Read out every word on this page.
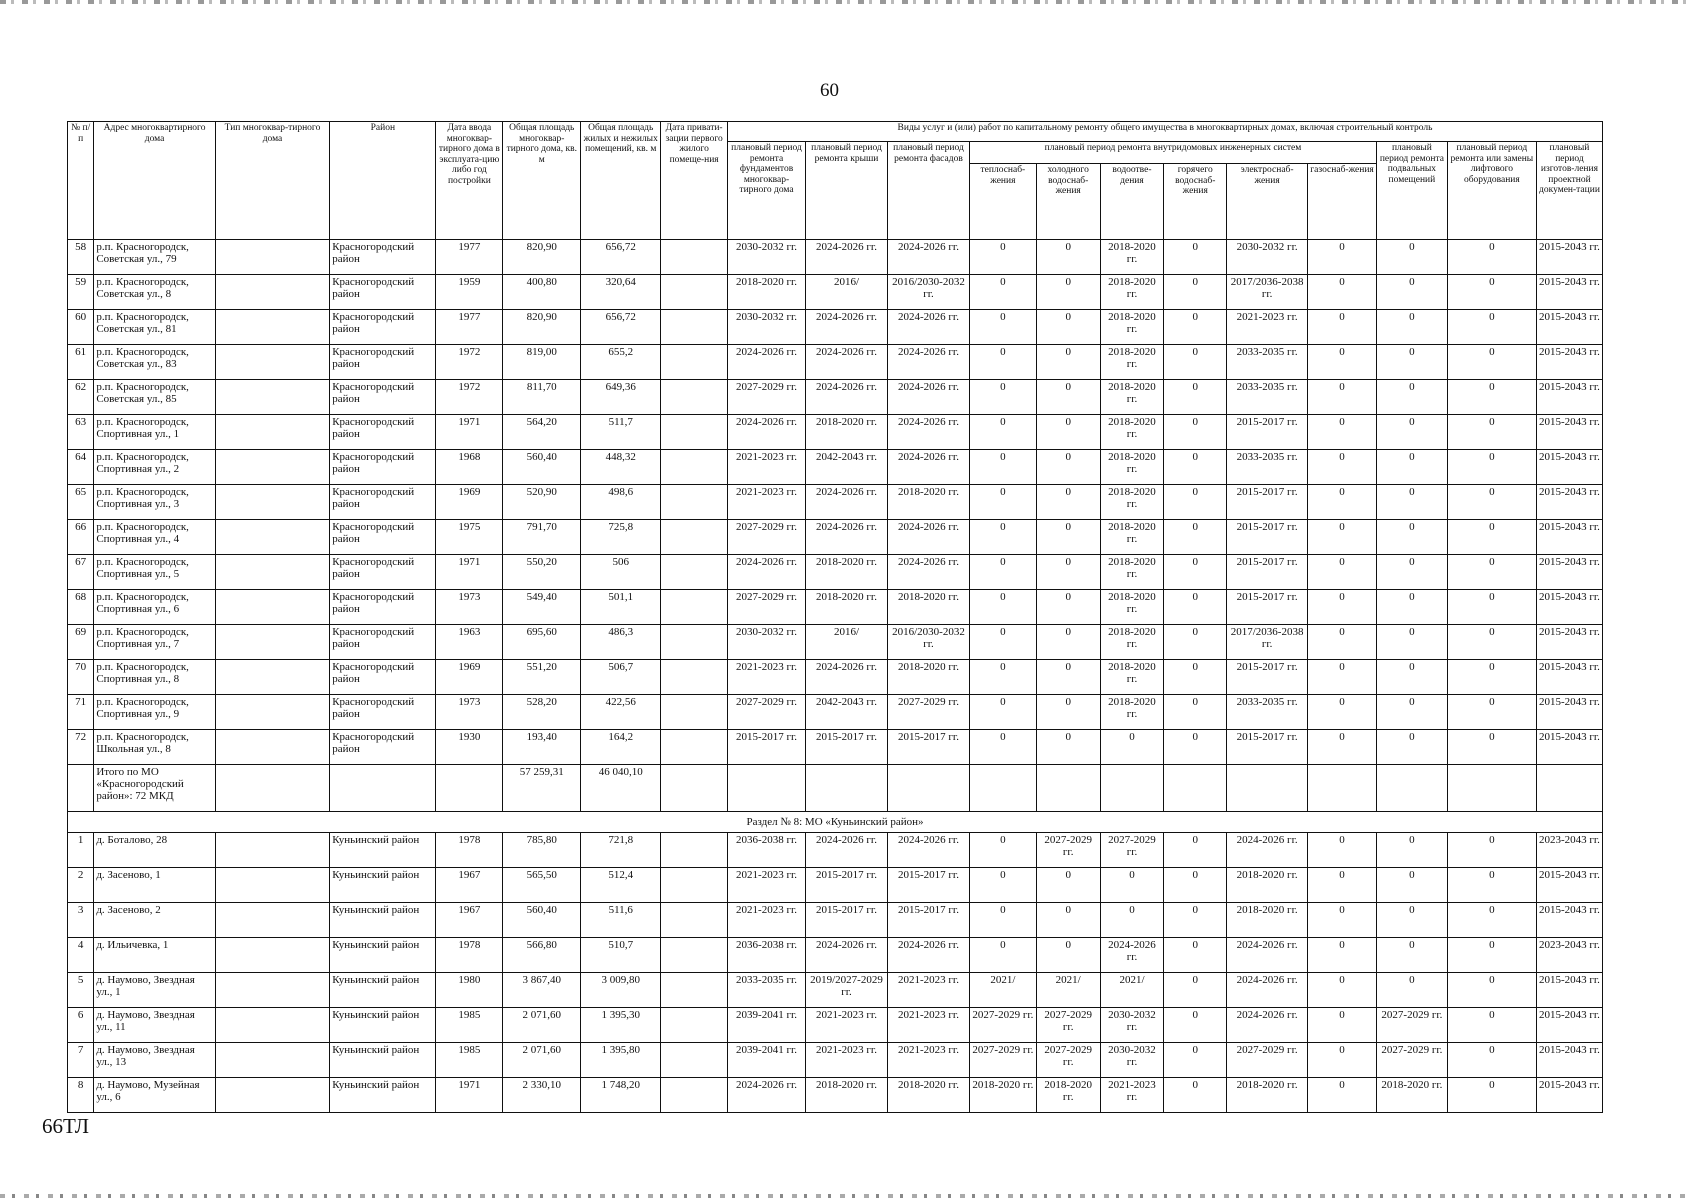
60
№ п/п	Адрес многоквартирного дома	Тип многоквар-тирного дома	Район	Дата ввода многоквар-тирного дома в эксплуата-цию либо год постройки	Общая площадь многоквар-тирного дома, кв. м	Общая площадь жилых и нежилых помещений, кв. м	Дата привати-зации первого жилого помеще-ния	Виды услуг и (или) работ по капитальному ремонту общего имущества в многоквартирных домах, включая строительный контроль											
								плановый период ремонта фундаментов многоквар-тирного дома	плановый период ремонта крыши	плановый период ремонта фасадов	плановый период ремонта внутридомовых инженерных систем						плановый период ремонта подвальных помещений	плановый период ремонта или замены лифтового оборудования	плановый период изготов-ления проектной докумен-тации
											теплоснаб-жения	холодного водоснаб-жения	водоотве-дения	горячего водоснаб-жения	электроснаб-жения	газоснаб-жения			
58	р.п. Красногородск, Советская ул., 79		Красногородский район	1977	820,90	656,72		2030-2032 гг.	2024-2026 гг.	2024-2026 гг.	0	0	2018-2020 гг.	0	2030-2032 гг.	0	0	0	2015-2043 гг.
59	р.п. Красногородск, Советская ул., 8		Красногородский район	1959	400,80	320,64		2018-2020 гг.	2016/	2016/2030-2032 гг.	0	0	2018-2020 гг.	0	2017/2036-2038 гг.	0	0	0	2015-2043 гг.
60	р.п. Красногородск, Советская ул., 81		Красногородский район	1977	820,90	656,72		2030-2032 гг.	2024-2026 гг.	2024-2026 гг.	0	0	2018-2020 гг.	0	2021-2023 гг.	0	0	0	2015-2043 гг.
61	р.п. Красногородск, Советская ул., 83		Красногородский район	1972	819,00	655,2		2024-2026 гг.	2024-2026 гг.	2024-2026 гг.	0	0	2018-2020 гг.	0	2033-2035 гг.	0	0	0	2015-2043 гг.
62	р.п. Красногородск, Советская ул., 85		Красногородский район	1972	811,70	649,36		2027-2029 гг.	2024-2026 гг.	2024-2026 гг.	0	0	2018-2020 гг.	0	2033-2035 гг.	0	0	0	2015-2043 гг.
63	р.п. Красногородск, Спортивная ул., 1		Красногородский район	1971	564,20	511,7		2024-2026 гг.	2018-2020 гг.	2024-2026 гг.	0	0	2018-2020 гг.	0	2015-2017 гг.	0	0	0	2015-2043 гг.
64	р.п. Красногородск, Спортивная ул., 2		Красногородский район	1968	560,40	448,32		2021-2023 гг.	2042-2043 гг.	2024-2026 гг.	0	0	2018-2020 гг.	0	2033-2035 гг.	0	0	0	2015-2043 гг.
65	р.п. Красногородск, Спортивная ул., 3		Красногородский район	1969	520,90	498,6		2021-2023 гг.	2024-2026 гг.	2018-2020 гг.	0	0	2018-2020 гг.	0	2015-2017 гг.	0	0	0	2015-2043 гг.
66	р.п. Красногородск, Спортивная ул., 4		Красногородский район	1975	791,70	725,8		2027-2029 гг.	2024-2026 гг.	2024-2026 гг.	0	0	2018-2020 гг.	0	2015-2017 гг.	0	0	0	2015-2043 гг.
67	р.п. Красногородск, Спортивная ул., 5		Красногородский район	1971	550,20	506		2024-2026 гг.	2018-2020 гг.	2024-2026 гг.	0	0	2018-2020 гг.	0	2015-2017 гг.	0	0	0	2015-2043 гг.
68	р.п. Красногородск, Спортивная ул., 6		Красногородский район	1973	549,40	501,1		2027-2029 гг.	2018-2020 гг.	2018-2020 гг.	0	0	2018-2020 гг.	0	2015-2017 гг.	0	0	0	2015-2043 гг.
69	р.п. Красногородск, Спортивная ул., 7		Красногородский район	1963	695,60	486,3		2030-2032 гг.	2016/	2016/2030-2032 гг.	0	0	2018-2020 гг.	0	2017/2036-2038 гг.	0	0	0	2015-2043 гг.
70	р.п. Красногородск, Спортивная ул., 8		Красногородский район	1969	551,20	506,7		2021-2023 гг.	2024-2026 гг.	2018-2020 гг.	0	0	2018-2020 гг.	0	2015-2017 гг.	0	0	0	2015-2043 гг.
71	р.п. Красногородск, Спортивная ул., 9		Красногородский район	1973	528,20	422,56		2027-2029 гг.	2042-2043 гг.	2027-2029 гг.	0	0	2018-2020 гг.	0	2033-2035 гг.	0	0	0	2015-2043 гг.
72	р.п. Красногородск, Школьная ул., 8		Красногородский район	1930	193,40	164,2		2015-2017 гг.	2015-2017 гг.	2015-2017 гг.	0	0	0	0	2015-2017 гг.	0	0	0	2015-2043 гг.
	Итого по МО «Красногородский район»: 72 МКД				57 259,31	46 040,10													
Раздел № 8: МО «Куньинский район»																			
1	д. Боталово, 28		Куньинский район	1978	785,80	721,8		2036-2038 гг.	2024-2026 гг.	2024-2026 гг.	0	2027-2029 гг.	2027-2029 гг.	0	2024-2026 гг.	0	0	0	2023-2043 гг.
2	д. Засеново, 1		Куньинский район	1967	565,50	512,4		2021-2023 гг.	2015-2017 гг.	2015-2017 гг.	0	0	0	0	2018-2020 гг.	0	0	0	2015-2043 гг.
3	д. Засеново, 2		Куньинский район	1967	560,40	511,6		2021-2023 гг.	2015-2017 гг.	2015-2017 гг.	0	0	0	0	2018-2020 гг.	0	0	0	2015-2043 гг.
4	д. Ильичевка, 1		Куньинский район	1978	566,80	510,7		2036-2038 гг.	2024-2026 гг.	2024-2026 гг.	0	0	2024-2026 гг.	0	2024-2026 гг.	0	0	0	2023-2043 гг.
5	д. Наумово, Звездная ул., 1		Куньинский район	1980	3 867,40	3 009,80		2033-2035 гг.	2019/2027-2029 гг.	2021-2023 гг.	2021/	2021/	2021/	0	2024-2026 гг.	0	0	0	2015-2043 гг.
6	д. Наумово, Звездная ул., 11		Куньинский район	1985	2 071,60	1 395,30		2039-2041 гг.	2021-2023 гг.	2021-2023 гг.	2027-2029 гг.	2027-2029 гг.	2030-2032 гг.	0	2024-2026 гг.	0	2027-2029 гг.	0	2015-2043 гг.
7	д. Наумово, Звездная ул., 13		Куньинский район	1985	2 071,60	1 395,80		2039-2041 гг.	2021-2023 гг.	2021-2023 гг.	2027-2029 гг.	2027-2029 гг.	2030-2032 гг.	0	2027-2029 гг.	0	2027-2029 гг.	0	2015-2043 гг.
8	д. Наумово, Музейная ул., 6		Куньинский район	1971	2 330,10	1 748,20		2024-2026 гг.	2018-2020 гг.	2018-2020 гг.	2018-2020 гг.	2018-2020 гг.	2021-2023 гг.	0	2018-2020 гг.	0	2018-2020 гг.	0	2015-2043 гг.
66ТЛ
